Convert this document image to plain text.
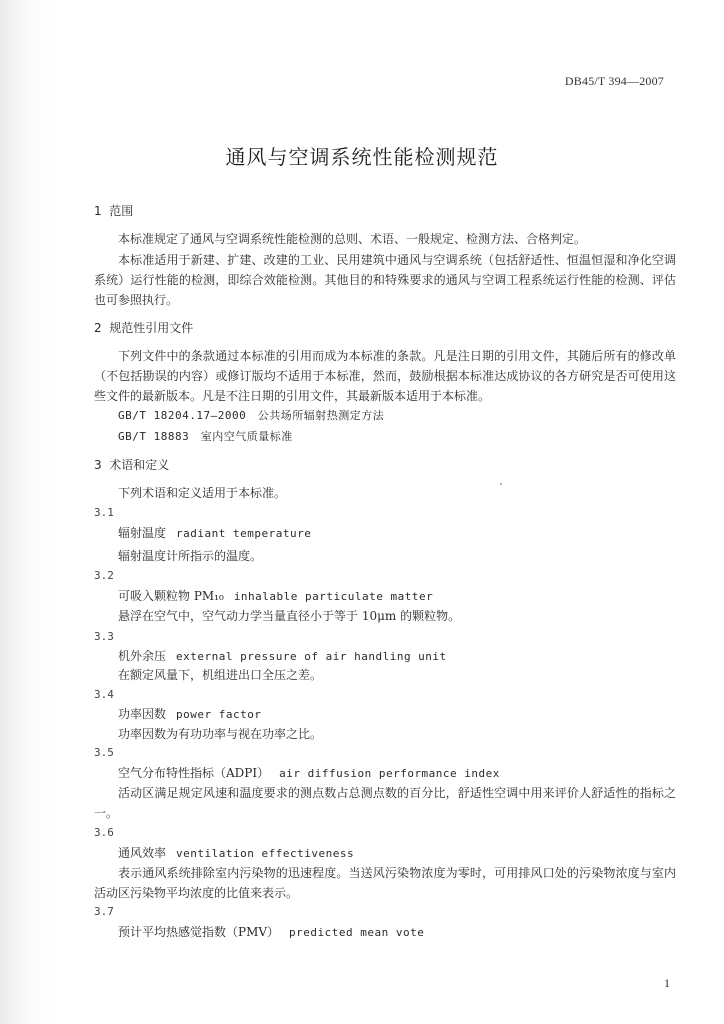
DB45/T 394—2007
通风与空调系统性能检测规范
1 范围
本标准规定了通风与空调系统性能检测的总则、术语、一般规定、检测方法、合格判定。
本标准适用于新建、扩建、改建的工业、民用建筑中通风与空调系统（包括舒适性、恒温恒湿和净化空调系统）运行性能的检测，即综合效能检测。其他目的和特殊要求的通风与空调工程系统运行性能的检测、评估也可参照执行。
2 规范性引用文件
下列文件中的条款通过本标准的引用而成为本标准的条款。凡是注日期的引用文件，其随后所有的修改单（不包括勘误的内容）或修订版均不适用于本标准，然而，鼓励根据本标准达成协议的各方研究是否可使用这些文件的最新版本。凡是不注日期的引用文件，其最新版本适用于本标准。
GB/T 18204.17—2000　公共场所辐射热测定方法
GB/T 18883　室内空气质量标准
3 术语和定义
下列术语和定义适用于本标准。
3.1
辐射温度 radiant temperature
辐射温度计所指示的温度。
3.2
可吸入颗粒物 PM₁₀ inhalable particulate matter
悬浮在空气中，空气动力学当量直径小于等于 10μm 的颗粒物。
3.3
机外余压 external pressure of air handling unit
在额定风量下，机组进出口全压之差。
3.4
功率因数 power factor
功率因数为有功功率与视在功率之比。
3.5
空气分布特性指标（ADPI） air diffusion performance index
活动区满足规定风速和温度要求的测点数占总测点数的百分比，舒适性空调中用来评价人舒适性的指标之一。
3.6
通风效率 ventilation effectiveness
表示通风系统排除室内污染物的迅速程度。当送风污染物浓度为零时，可用排风口处的污染物浓度与室内活动区污染物平均浓度的比值来表示。
3.7
预计平均热感觉指数（PMV） predicted mean vote
1
